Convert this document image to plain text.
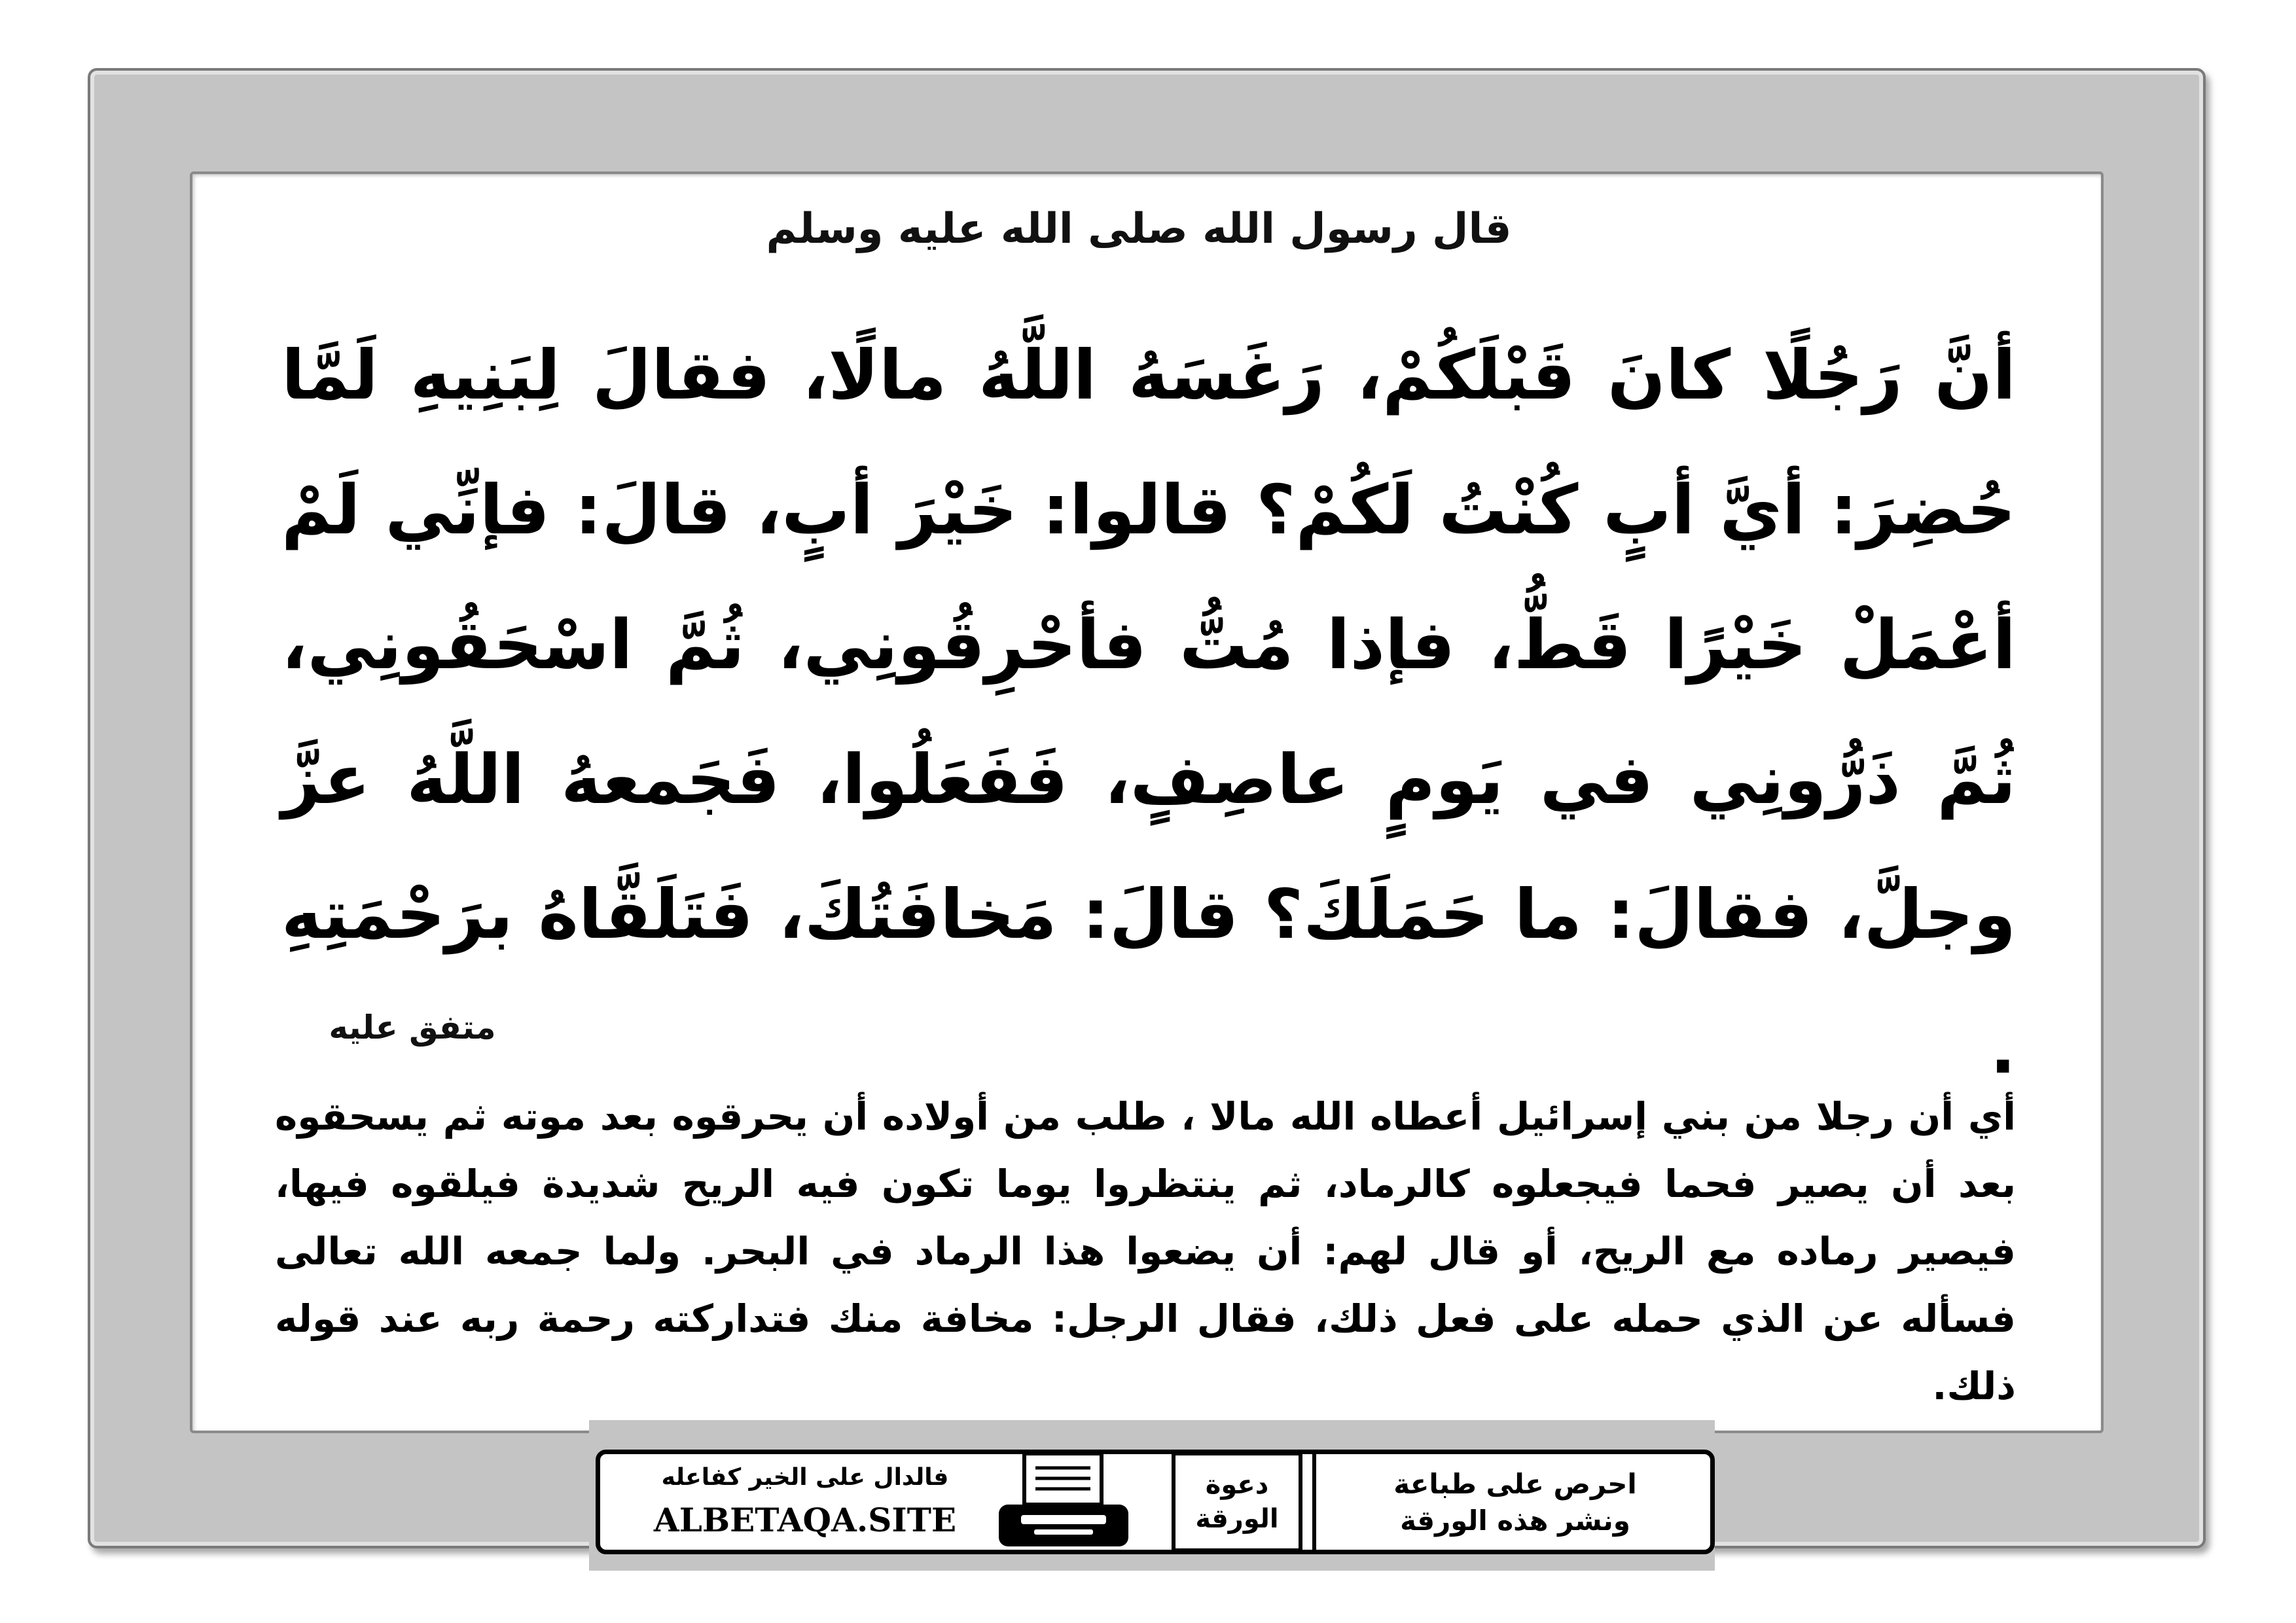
قال رسول الله صلى الله عليه وسلم
أنَّ رَجُلًا كانَ قَبْلَكُمْ، رَغَسَهُ اللَّهُ مالًا، فقالَ لِبَنِيهِ لَمَّا حُضِرَ: أيَّ أبٍ كُنْتُ لَكُمْ؟ قالوا: خَيْرَ أبٍ، قالَ: فإنِّي لَمْ أعْمَلْ خَيْرًا قَطُّ، فإذا مُتُّ فأحْرِقُونِي، ثُمَّ اسْحَقُونِي، ثُمَّ ذَرُّونِي في يَومٍ عاصِفٍ، فَفَعَلُوا، فَجَمعهُ اللَّهُ عزَّ وجلَّ، فقالَ: ما حَمَلَكَ؟ قالَ: مَخافَتُكَ، فَتَلَقَّاهُ برَحْمَتِهِ .
متفق عليه
أي أن رجلا من بني إسرائيل أعطاه الله مالا ، طلب من أولاده أن يحرقوه بعد موته ثم يسحقوه بعد أن يصير فحما فيجعلوه كالرماد، ثم ينتظروا يوما تكون فيه الريح شديدة فيلقوه فيها، فيصير رماده مع الريح، أو قال لهم: أن يضعوا هذا الرماد في البحر. ولما جمعه الله تعالى فسأله عن الذي حمله على فعل ذلك، فقال الرجل: مخافة منك فتداركته رحمة ربه عند قوله ذلك.
فالدال على الخير كفاعله
ALBETAQA.SITE
دعوة الورقة
احرص على طباعة
ونشر هذه الورقة
